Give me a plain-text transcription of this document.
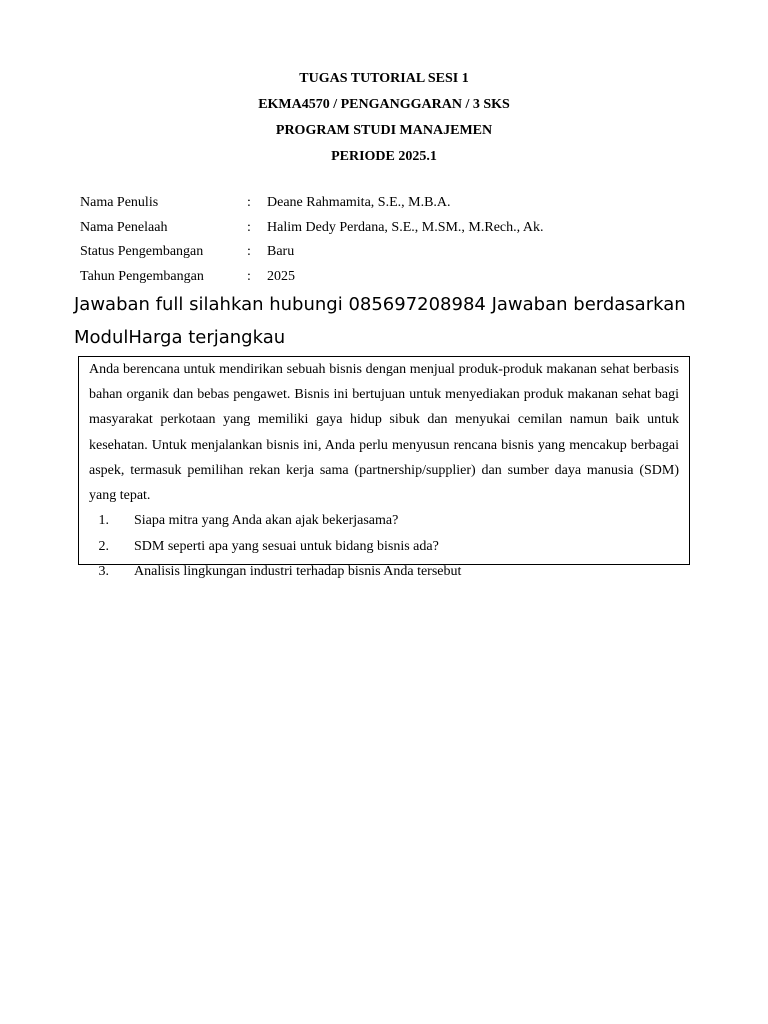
TUGAS TUTORIAL SESI 1
EKMA4570 / PENGANGGARAN / 3 SKS
PROGRAM STUDI MANAJEMEN
PERIODE 2025.1
Nama Penulis	:	Deane Rahmamita, S.E., M.B.A.
Nama Penelaah	:	Halim Dedy Perdana, S.E., M.SM., M.Rech., Ak.
Status Pengembangan	:	Baru
Tahun Pengembangan	:	2025
Jawaban full silahkan hubungi 085697208984 Jawaban berdasarkan
ModulHarga terjangkau

Anda berencana untuk mendirikan sebuah bisnis dengan menjual produk-produk makanan sehat berbasis bahan organik dan bebas pengawet. Bisnis ini bertujuan untuk menyediakan produk makanan sehat bagi masyarakat perkotaan yang memiliki gaya hidup sibuk dan menyukai cemilan namun baik untuk kesehatan. Untuk menjalankan bisnis ini, Anda perlu menyusun rencana bisnis yang mencakup berbagai aspek, termasuk pemilihan rekan kerja sama (partnership/supplier) dan sumber daya manusia (SDM) yang tepat.

1. Siapa mitra yang Anda akan ajak bekerjasama?
2. SDM seperti apa yang sesuai untuk bidang bisnis ada?
3. Analisis lingkungan industri terhadap bisnis Anda tersebut
